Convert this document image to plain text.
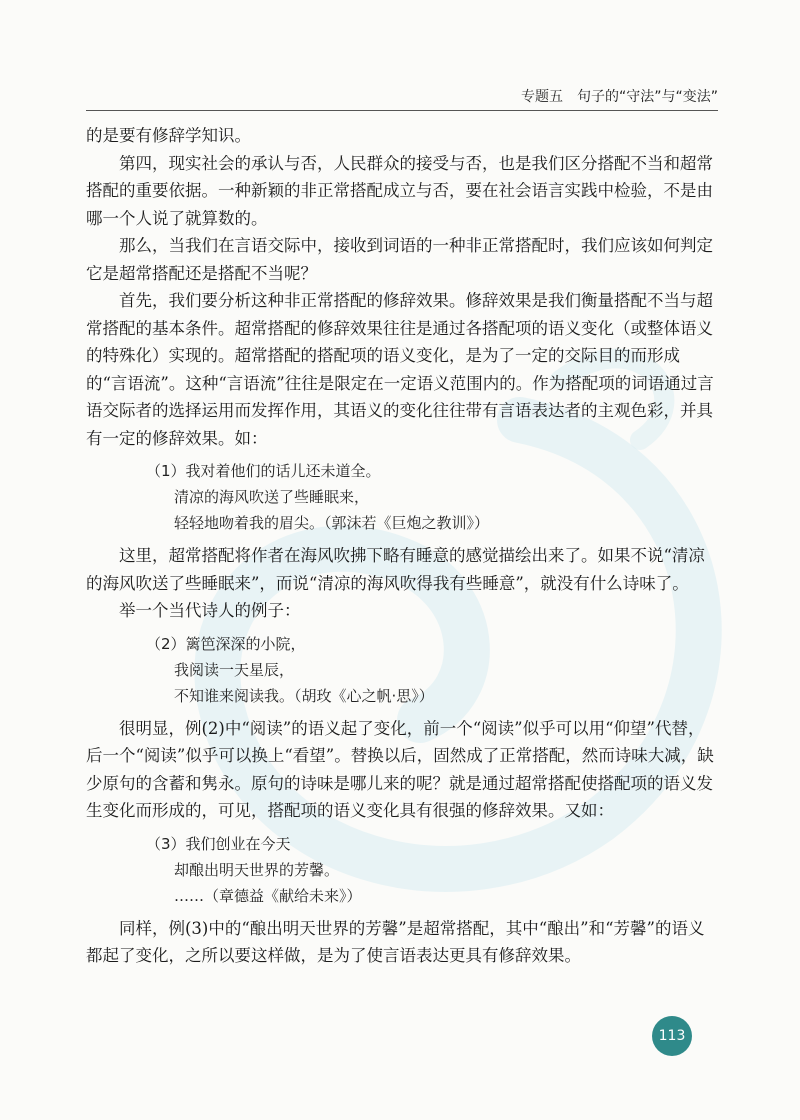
专题五　句子的“守法”与“变法”

的是要有修辞学知识。

第四，现实社会的承认与否，人民群众的接受与否，也是我们区分搭配不当和超常搭配的重要依据。一种新颖的非正常搭配成立与否，要在社会语言实践中检验，不是由哪一个人说了就算数的。

那么，当我们在言语交际中，接收到词语的一种非正常搭配时，我们应该如何判定它是超常搭配还是搭配不当呢？

首先，我们要分析这种非正常搭配的修辞效果。修辞效果是我们衡量搭配不当与超常搭配的基本条件。超常搭配的修辞效果往往是通过各搭配项的语义变化（或整体语义的特殊化）实现的。超常搭配的搭配项的语义变化，是为了一定的交际目的而形成的“言语流”。这种“言语流”往往是限定在一定语义范围内的。作为搭配项的词语通过言语交际者的选择运用而发挥作用，其语义的变化往往带有言语表达者的主观色彩，并具有一定的修辞效果。如：

（1）我对着他们的话儿还未道全。
清凉的海风吹送了些睡眠来，
轻轻地吻着我的眉尖。（郭沫若《巨炮之教训》）

这里，超常搭配将作者在海风吹拂下略有睡意的感觉描绘出来了。如果不说“清凉的海风吹送了些睡眠来”，而说“清凉的海风吹得我有些睡意”，就没有什么诗味了。

举一个当代诗人的例子：

（2）篱笆深深的小院，
我阅读一天星辰，
不知谁来阅读我。（胡玫《心之帆·思》）

很明显，例(2)中“阅读”的语义起了变化，前一个“阅读”似乎可以用“仰望”代替，后一个“阅读”似乎可以换上“看望”。替换以后，固然成了正常搭配，然而诗味大减，缺少原句的含蓄和隽永。原句的诗味是哪儿来的呢？就是通过超常搭配使搭配项的语义发生变化而形成的，可见，搭配项的语义变化具有很强的修辞效果。又如：

（3）我们创业在今天
却酿出明天世界的芳馨。
……（章德益《献给未来》）

同样，例(3)中的“酿出明天世界的芳馨”是超常搭配，其中“酿出”和“芳馨”的语义都起了变化，之所以要这样做，是为了使言语表达更具有修辞效果。

113
